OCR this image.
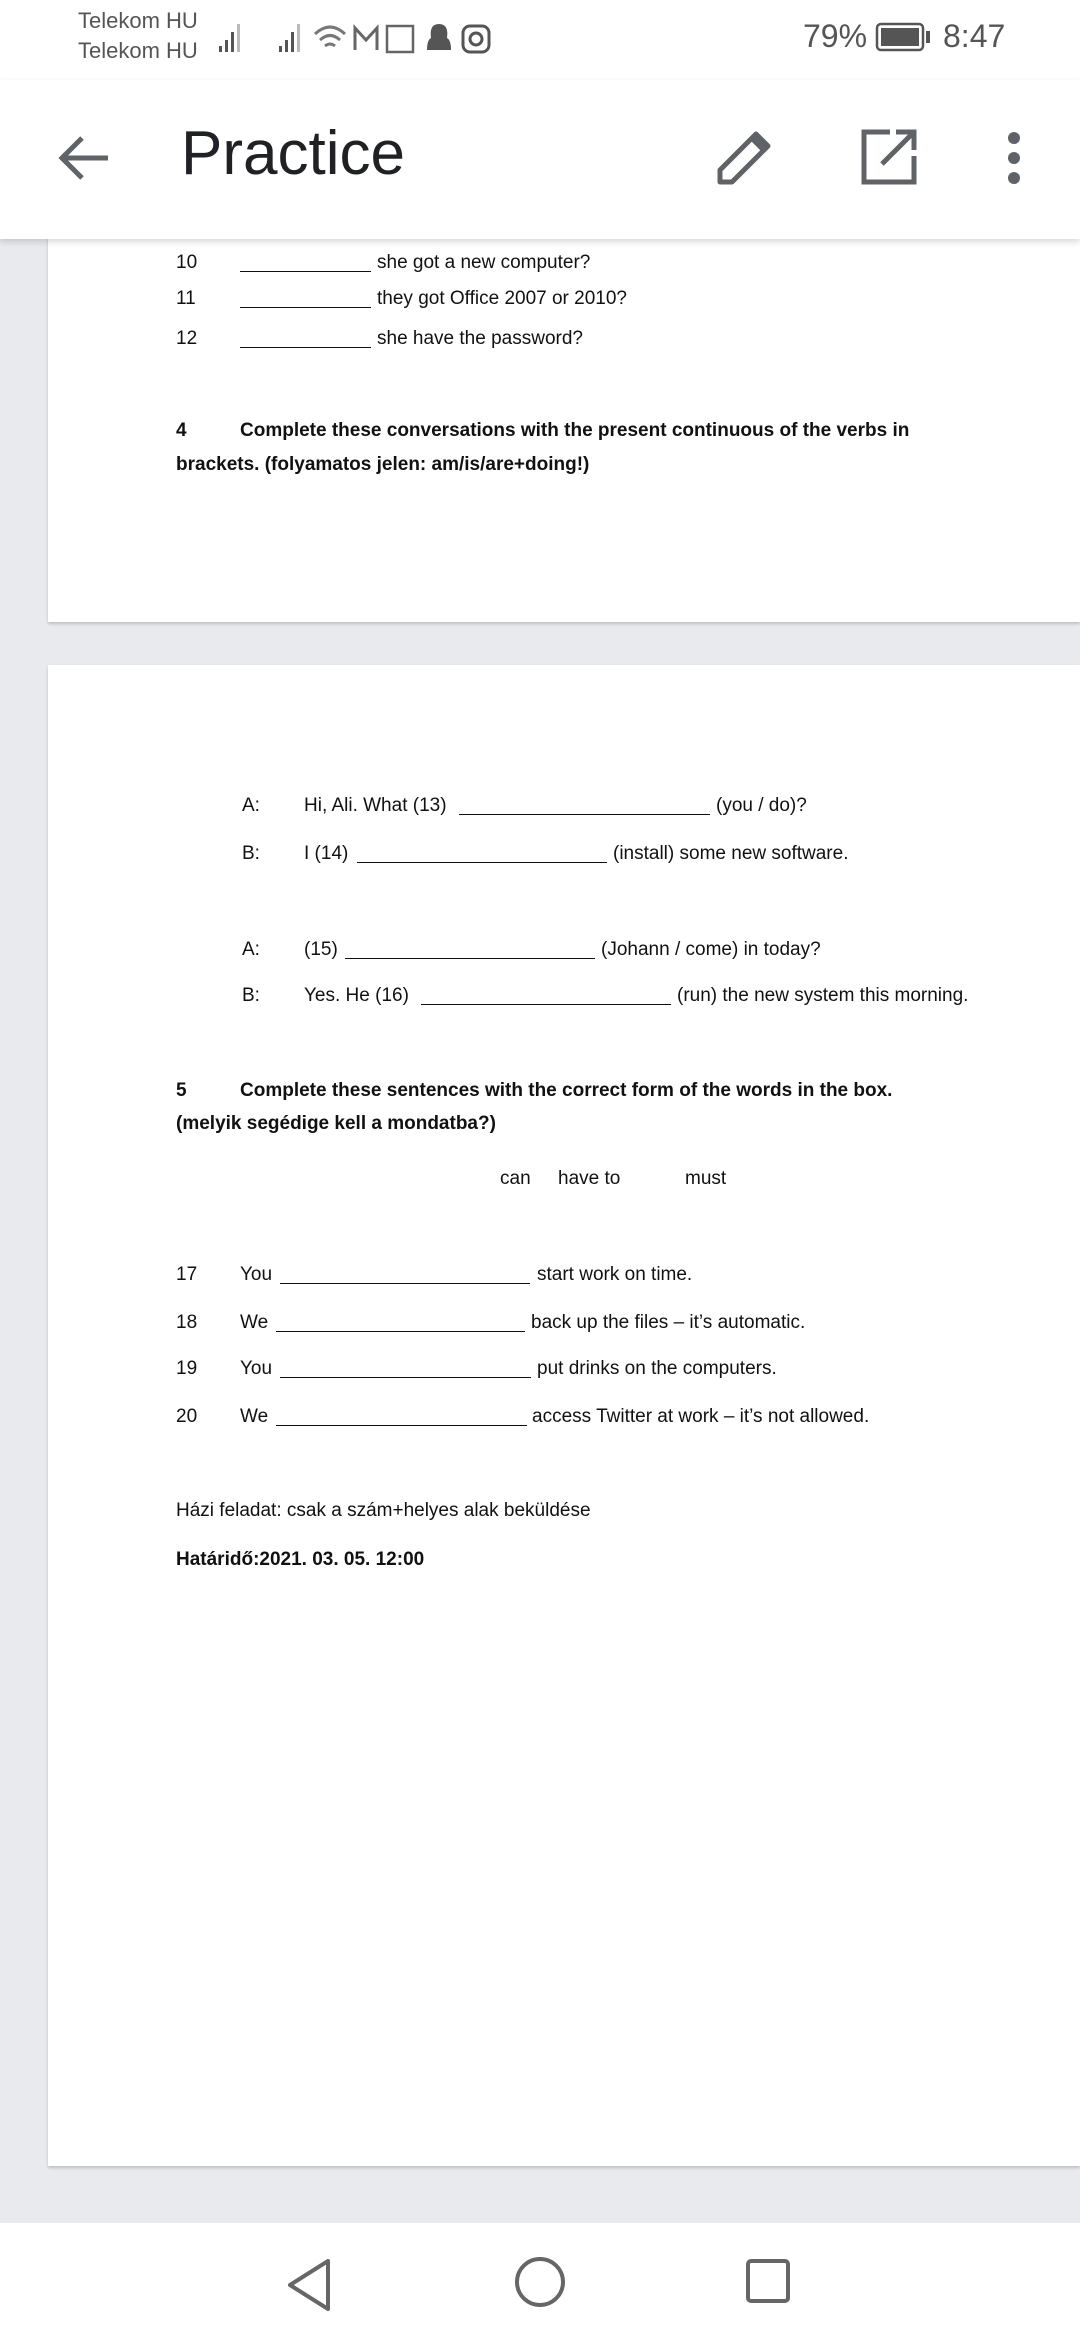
Telekom HU
Telekom HU	79% 8:47
Practice
10	she got a new computer?
11	they got Office 2007 or 2010?
12	she have the password?
4	Complete these conversations with the present continuous of the verbs in
brackets. (folyamatos jelen: am/is/are+doing!)
A: Hi, Ali. What (13)	(you / do)?
B: I (14)	(install) some new software.
A: (15)	(Johann / come) in today?
B: Yes. He (16)	(run) the new system this morning.
5	Complete these sentences with the correct form of the words in the box.
(melyik segédige kell a mondatba?)
can have to	must
17 You	start work on time.
18 We	back up the files – it’s automatic.
19 You	put drinks on the computers.
20 We	access Twitter at work – it’s not allowed.
Házi feladat: csak a szám+helyes alak beküldése
Határidő:2021. 03. 05. 12:00
